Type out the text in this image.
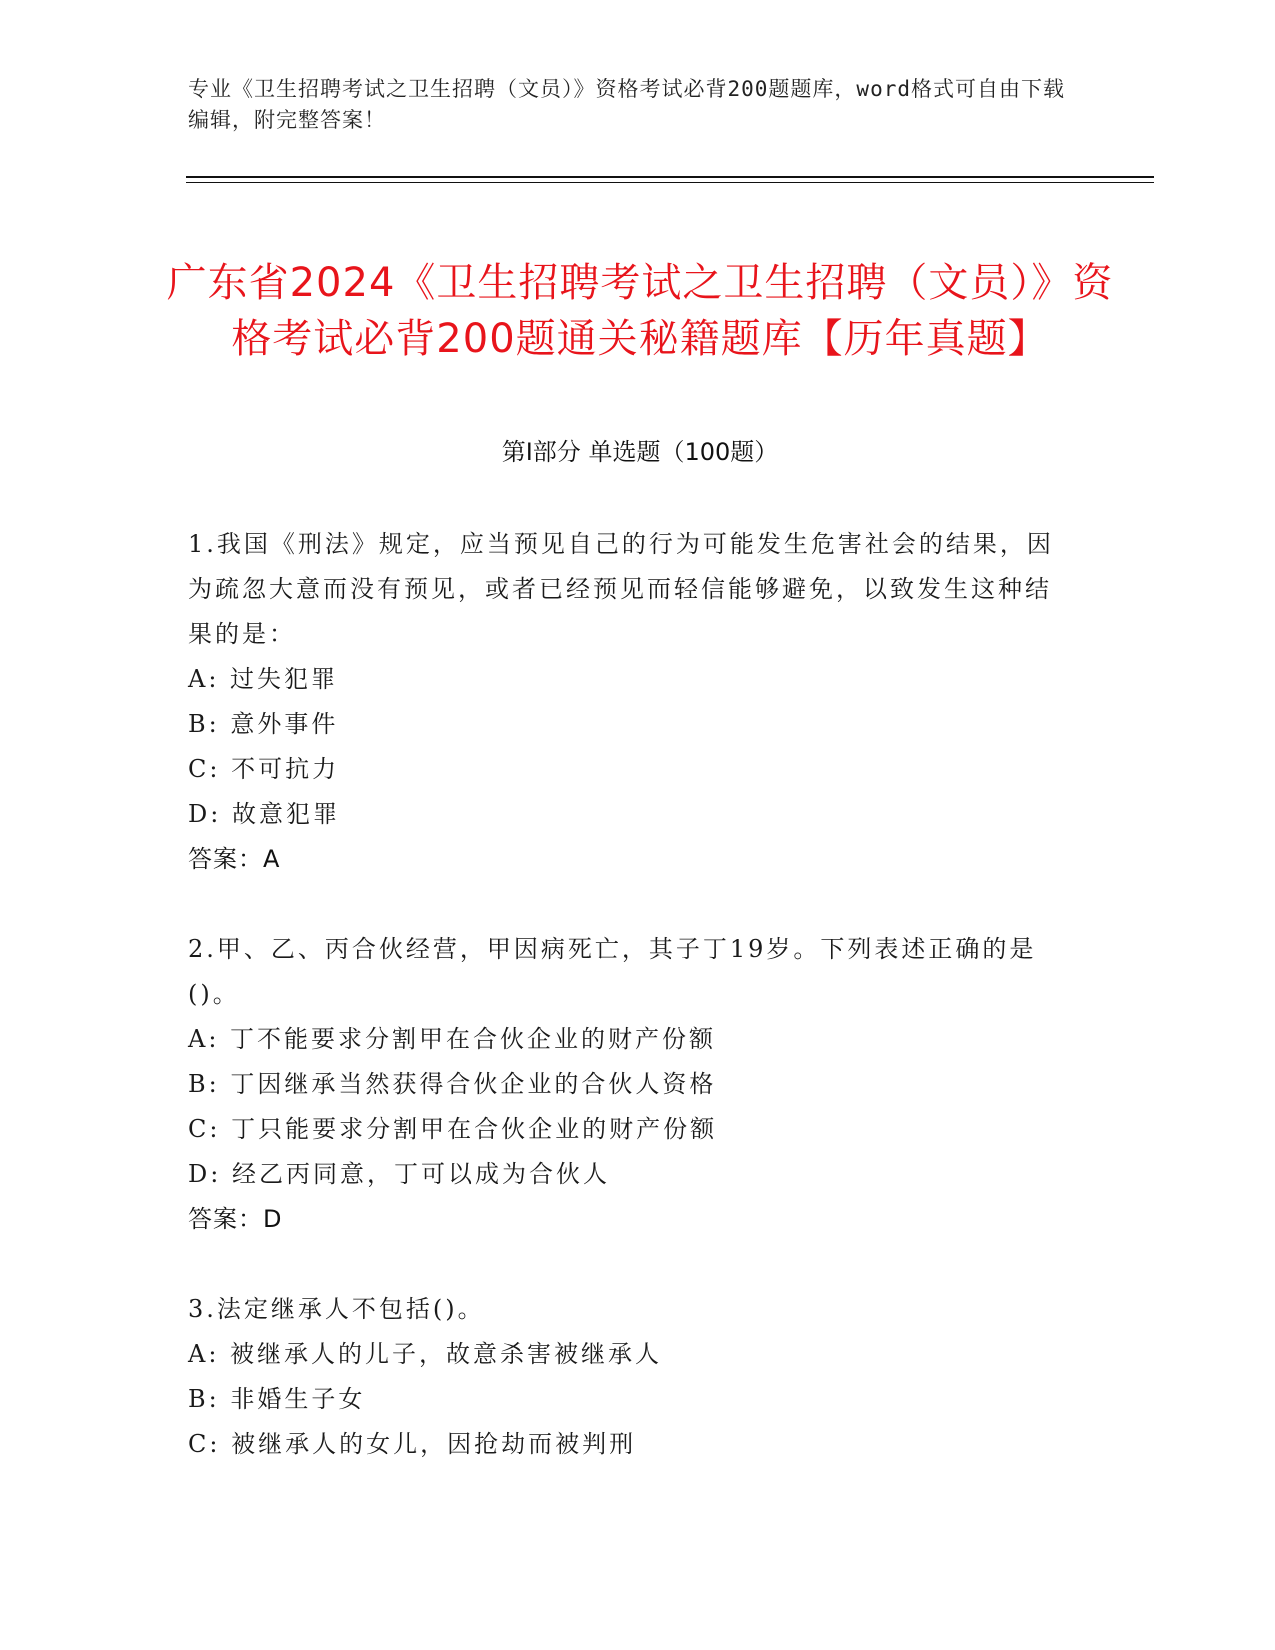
专业《卫生招聘考试之卫生招聘（文员）》资格考试必背200题题库，word格式可自由下载编辑，附完整答案！
广东省2024《卫生招聘考试之卫生招聘（文员）》资格考试必背200题通关秘籍题库【历年真题】
第I部分 单选题（100题）
1.我国《刑法》规定，应当预见自己的行为可能发生危害社会的结果，因为疏忽大意而没有预见，或者已经预见而轻信能够避免，以致发生这种结果的是：
A: 过失犯罪
B: 意外事件
C: 不可抗力
D: 故意犯罪
答案：A
2.甲、乙、丙合伙经营，甲因病死亡，其子丁19岁。下列表述正确的是()。
A: 丁不能要求分割甲在合伙企业的财产份额
B: 丁因继承当然获得合伙企业的合伙人资格
C: 丁只能要求分割甲在合伙企业的财产份额
D: 经乙丙同意，丁可以成为合伙人
答案：D
3.法定继承人不包括()。
A: 被继承人的儿子，故意杀害被继承人
B: 非婚生子女
C: 被继承人的女儿，因抢劫而被判刑
